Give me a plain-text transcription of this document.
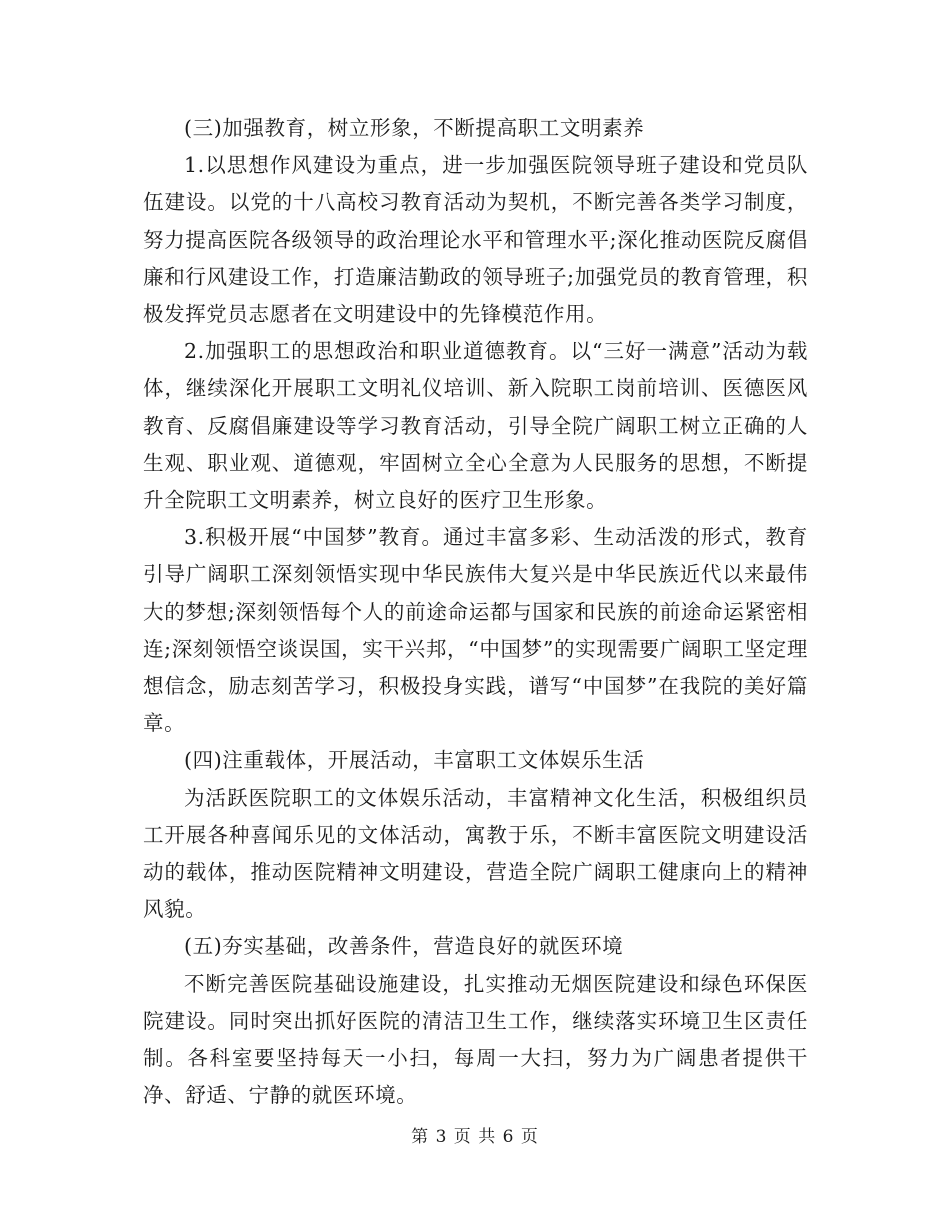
(三)加强教育，树立形象，不断提高职工文明素养

1.以思想作风建设为重点，进一步加强医院领导班子建设和党员队伍建设。以党的十八高校习教育活动为契机，不断完善各类学习制度，努力提高医院各级领导的政治理论水平和管理水平;深化推动医院反腐倡廉和行风建设工作，打造廉洁勤政的领导班子;加强党员的教育管理，积极发挥党员志愿者在文明建设中的先锋模范作用。

2.加强职工的思想政治和职业道德教育。以“三好一满意”活动为载体，继续深化开展职工文明礼仪培训、新入院职工岗前培训、医德医风教育、反腐倡廉建设等学习教育活动，引导全院广阔职工树立正确的人生观、职业观、道德观，牢固树立全心全意为人民服务的思想，不断提升全院职工文明素养，树立良好的医疗卫生形象。

3.积极开展“中国梦”教育。通过丰富多彩、生动活泼的形式，教育引导广阔职工深刻领悟实现中华民族伟大复兴是中华民族近代以来最伟大的梦想;深刻领悟每个人的前途命运都与国家和民族的前途命运紧密相连;深刻领悟空谈误国，实干兴邦，“中国梦”的实现需要广阔职工坚定理想信念，励志刻苦学习，积极投身实践，谱写“中国梦”在我院的美好篇章。

(四)注重载体，开展活动，丰富职工文体娱乐生活

为活跃医院职工的文体娱乐活动，丰富精神文化生活，积极组织员工开展各种喜闻乐见的文体活动，寓教于乐，不断丰富医院文明建设活动的载体，推动医院精神文明建设，营造全院广阔职工健康向上的精神风貌。

(五)夯实基础，改善条件，营造良好的就医环境

不断完善医院基础设施建设，扎实推动无烟医院建设和绿色环保医院建设。同时突出抓好医院的清洁卫生工作，继续落实环境卫生区责任制。各科室要坚持每天一小扫，每周一大扫，努力为广阔患者提供干净、舒适、宁静的就医环境。

第 3 页 共 6 页
